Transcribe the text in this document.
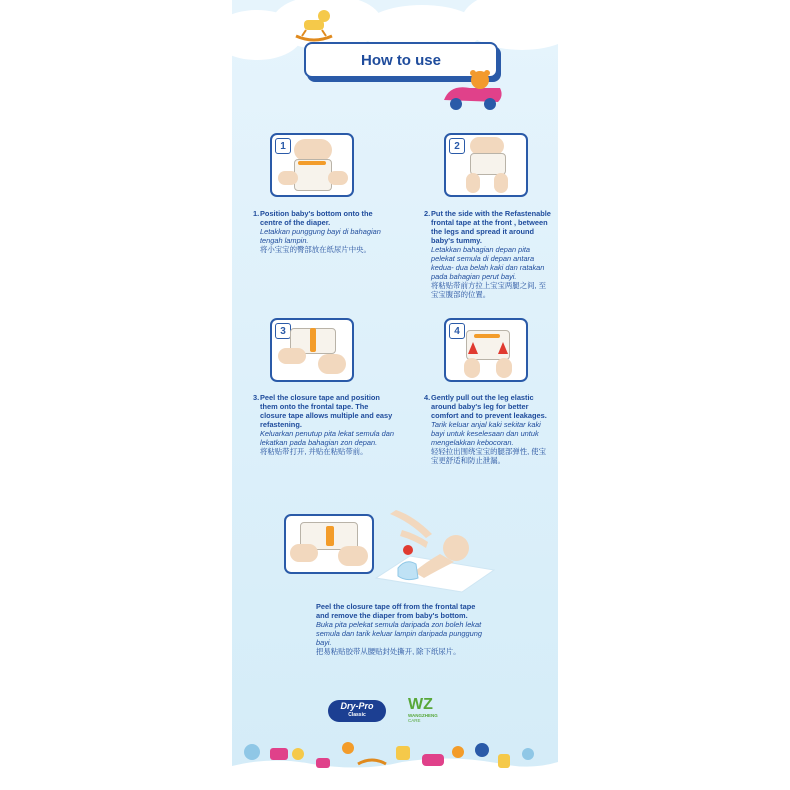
How to use
1	2
1. Position baby's bottom onto the centre of the diaper.
Letakkan punggung bayi di bahagian tengah lampin.
将小宝宝的臀部放在纸尿片中央。
2. Put the side with the Refastenable frontal tape at the front , between the legs and spread it around baby's tummy.
Letakkan bahagian depan pita pelekat semula di depan antara kedua- dua belah kaki dan ratakan pada bahagian perut bayi.
将粘贴带前方拉上宝宝两腿之间, 至宝宝腹部的位置。
3	4
3. Peel the closure tape and position them onto the frontal tape. The closure tape allows multiple and easy refastening.
Keluarkan penutup pita lekat semula dan lekatkan pada bahagian zon depan.
将粘贴带打开, 并贴在粘贴带前。
4. Gently pull out the leg elastic around baby's leg for better comfort and to prevent leakages.
Tarik keluar anjal kaki sekitar kaki bayi untuk keselesaan dan untuk mengelakkan kebocoran.
轻轻拉出围绕宝宝的腿部弹性, 使宝宝更舒适和防止泄漏。
Peel the closure tape off from the frontal tape and remove the diaper from baby's bottom.
Buka pita pelekat semula daripada zon boleh lekat semula dan tarik keluar lampin daripada punggung bayi.
把易粘贴胶带从腰贴封处撕开, 除下纸尿片。
Dry-Pro
Classic
WZ
WANGZHENG
CARE
